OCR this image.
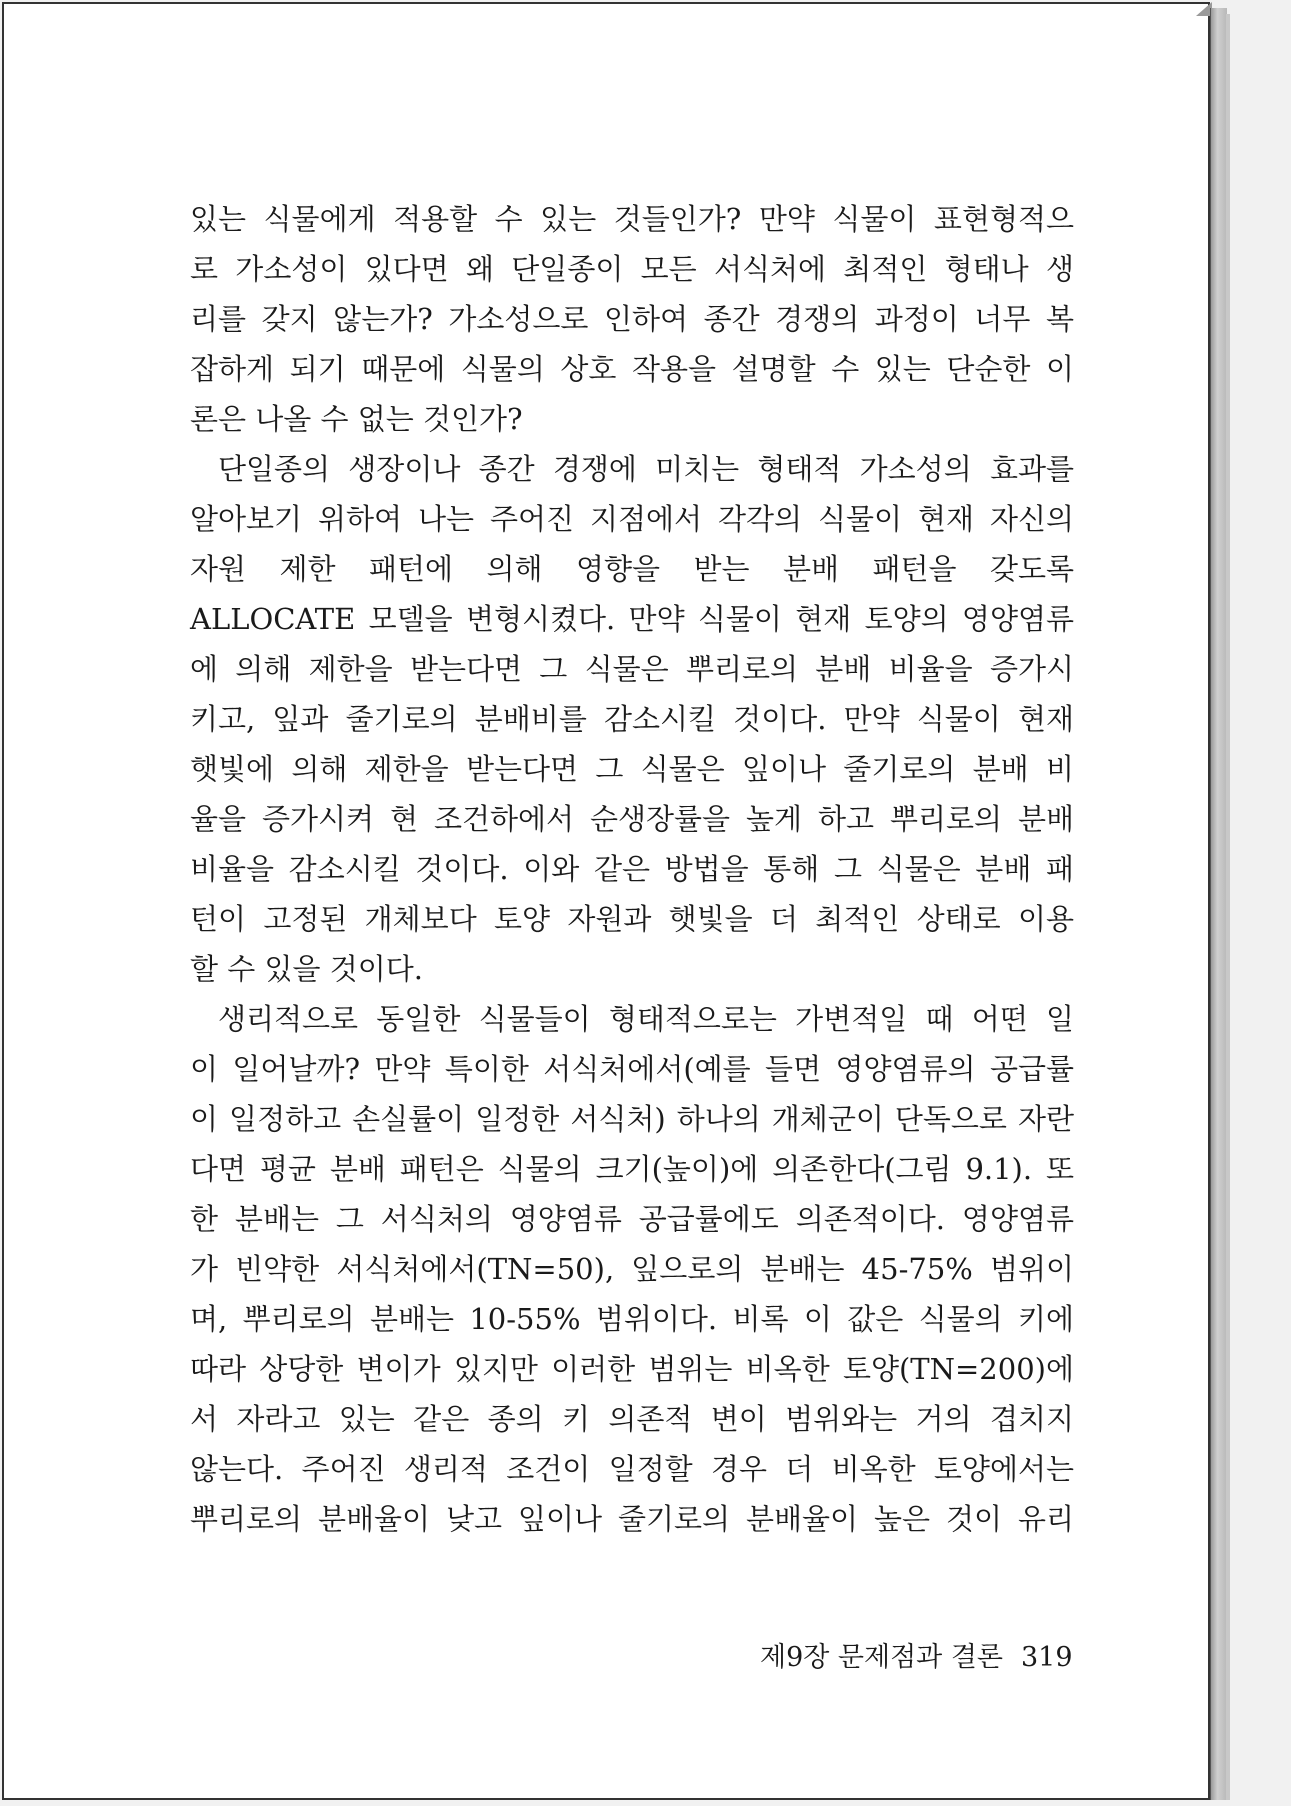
있는 식물에게 적용할 수 있는 것들인가? 만약 식물이 표현형적으
로 가소성이 있다면 왜 단일종이 모든 서식처에 최적인 형태나 생
리를 갖지 않는가? 가소성으로 인하여 종간 경쟁의 과정이 너무 복
잡하게 되기 때문에 식물의 상호 작용을 설명할 수 있는 단순한 이
론은 나올 수 없는 것인가?
단일종의 생장이나 종간 경쟁에 미치는 형태적 가소성의 효과를
알아보기 위하여 나는 주어진 지점에서 각각의 식물이 현재 자신의
자원 제한 패턴에 의해 영향을 받는 분배 패턴을 갖도록
ALLOCATE 모델을 변형시켰다. 만약 식물이 현재 토양의 영양염류
에 의해 제한을 받는다면 그 식물은 뿌리로의 분배 비율을 증가시
키고, 잎과 줄기로의 분배비를 감소시킬 것이다. 만약 식물이 현재
햇빛에 의해 제한을 받는다면 그 식물은 잎이나 줄기로의 분배 비
율을 증가시켜 현 조건하에서 순생장률을 높게 하고 뿌리로의 분배
비율을 감소시킬 것이다. 이와 같은 방법을 통해 그 식물은 분배 패
턴이 고정된 개체보다 토양 자원과 햇빛을 더 최적인 상태로 이용
할 수 있을 것이다.
생리적으로 동일한 식물들이 형태적으로는 가변적일 때 어떤 일
이 일어날까? 만약 특이한 서식처에서(예를 들면 영양염류의 공급률
이 일정하고 손실률이 일정한 서식처) 하나의 개체군이 단독으로 자란
다면 평균 분배 패턴은 식물의 크기(높이)에 의존한다(그림 9.1). 또
한 분배는 그 서식처의 영양염류 공급률에도 의존적이다. 영양염류
가 빈약한 서식처에서(TN=50), 잎으로의 분배는 45-75% 범위이
며, 뿌리로의 분배는 10-55% 범위이다. 비록 이 값은 식물의 키에
따라 상당한 변이가 있지만 이러한 범위는 비옥한 토양(TN=200)에
서 자라고 있는 같은 종의 키 의존적 변이 범위와는 거의 겹치지
않는다. 주어진 생리적 조건이 일정할 경우 더 비옥한 토양에서는
뿌리로의 분배율이 낮고 잎이나 줄기로의 분배율이 높은 것이 유리
제9장 문제점과 결론 319
